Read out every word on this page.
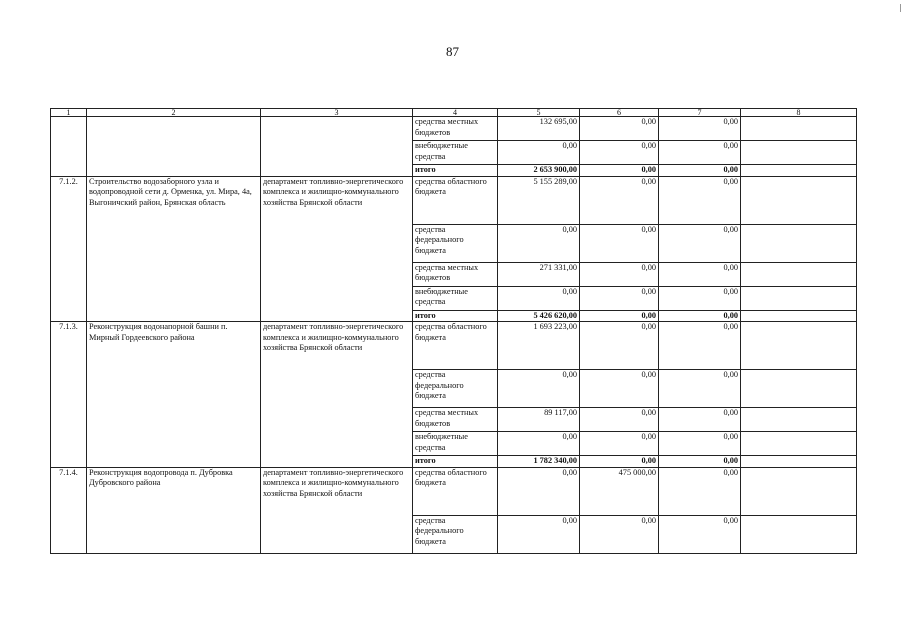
87
1	2	3	4	5	6	7	8
			средства местных бюджетов	132 695,00	0,00	0,00	
			внебюджетные средства	0,00	0,00	0,00	
			итого	2 653 900,00	0,00	0,00	
7.1.2.	Строительство водозаборного узла и водопроводной сети д. Орменка, ул. Мира, 4а, Выгоничский район, Брянская область	департамент топливно-энергетического комплекса и жилищно-коммунального хозяйства Брянской области	средства областного бюджета	5 155 289,00	0,00	0,00	
			средства федерального бюджета	0,00	0,00	0,00	
			средства местных бюджетов	271 331,00	0,00	0,00	
			внебюджетные средства	0,00	0,00	0,00	
			итого	5 426 620,00	0,00	0,00	
7.1.3.	Реконструкция водонапорной башни п. Мирный Гордеевского района	департамент топливно-энергетического комплекса и жилищно-коммунального хозяйства Брянской области	средства областного бюджета	1 693 223,00	0,00	0,00	
			средства федерального бюджета	0,00	0,00	0,00	
			средства местных бюджетов	89 117,00	0,00	0,00	
			внебюджетные средства	0,00	0,00	0,00	
			итого	1 782 340,00	0,00	0,00	
7.1.4.	Реконструкция водопровода п. Дубровка Дубровского района	департамент топливно-энергетического комплекса и жилищно-коммунального хозяйства Брянской области	средства областного бюджета	0,00	475 000,00	0,00	
			средства федерального бюджета	0,00	0,00	0,00	
